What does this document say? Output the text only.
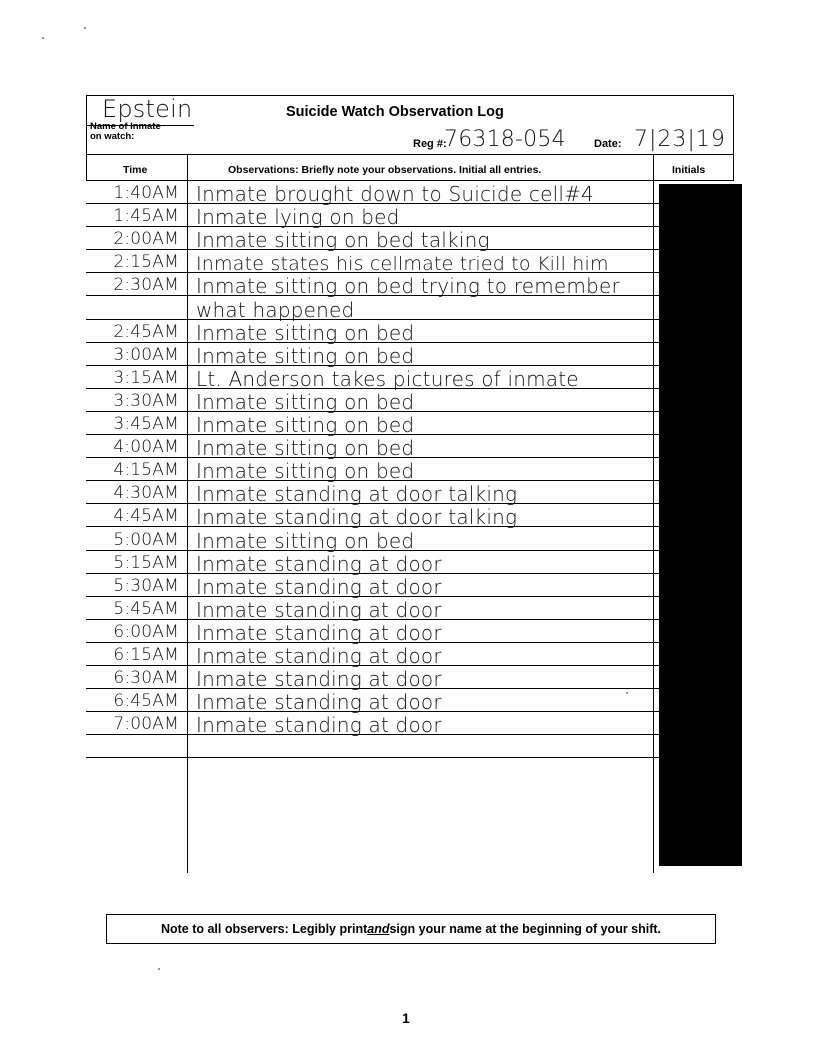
Epstein	Suicide Watch Observation Log
Name of Inmate
on watch:
Reg #:
76318-054	Date: 7|23|19
Time	Observations: Briefly note your observations. Initial all entries.	Initials
1:40AM Inmate brought down to Suicide cell#4
1:45AM Inmate lying on bed
2:00AM Inmate sitting on bed talking
2:15AM Inmate states his cellmate tried to Kill him
2:30AM Inmate sitting on bed trying to remember
what happened
2:45AM Inmate sitting on bed
3:00AM Inmate sitting on bed
3:15AM Lt. Anderson takes pictures of inmate
3:30AM Inmate sitting on bed
3:45AM Inmate sitting on bed
4:00AM Inmate sitting on bed
4:15AM Inmate sitting on bed
4:30AM Inmate standing at door talking
4:45AM Inmate standing at door talking
5:00AM Inmate sitting on bed
5:15AM Inmate standing at door
5:30AM Inmate standing at door
5:45AM Inmate standing at door
6:00AM Inmate standing at door
6:15AM Inmate standing at door
6:30AM Inmate standing at door
6:45AM Inmate standing at door
7:00AM Inmate standing at door
Note to all observers: Legibly print and sign your name at the beginning of your shift.
1
